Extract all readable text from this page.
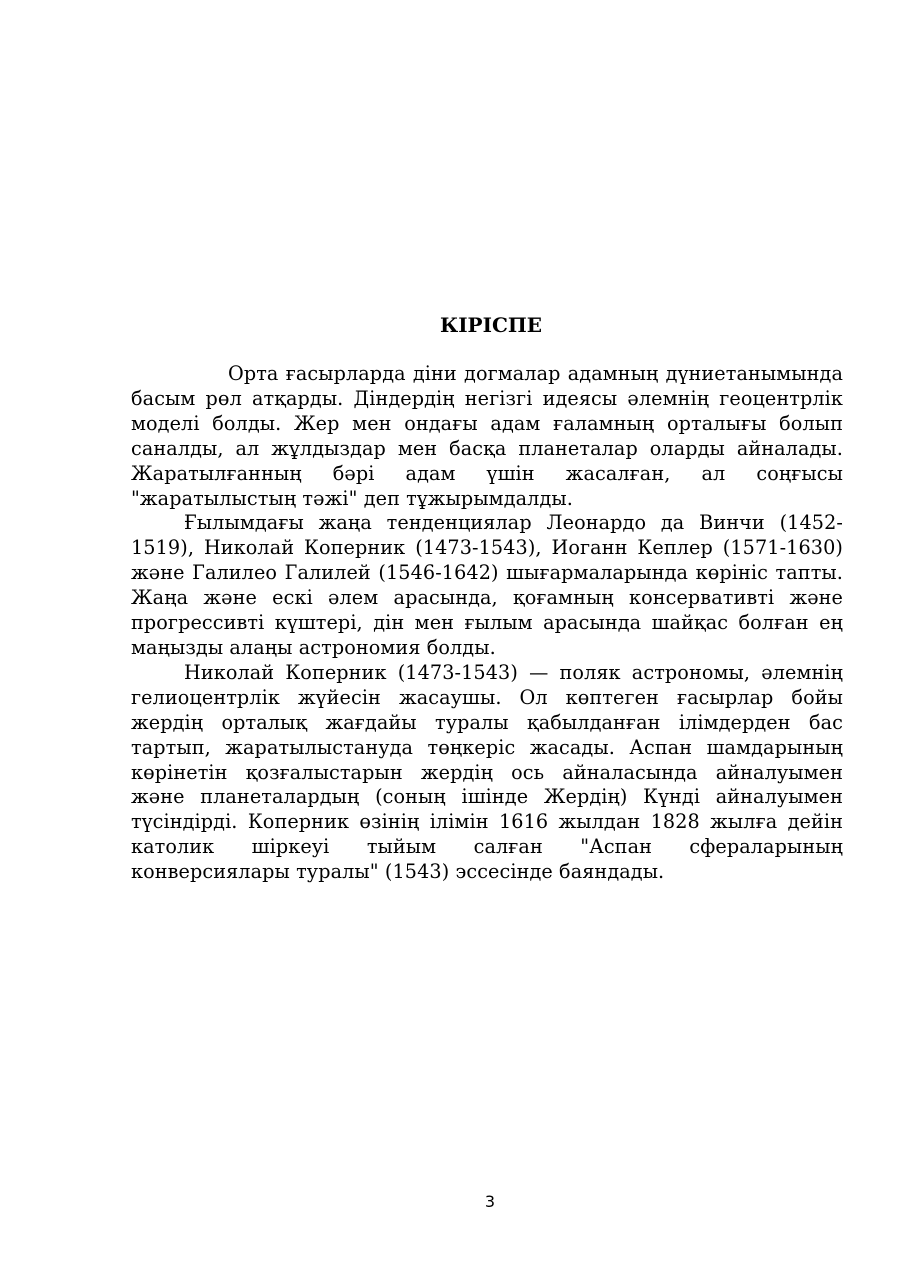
КІРІСПЕ

Орта ғасырларда діни догмалар адамның дүниетанымында басым рөл атқарды. Діндердің негізгі идеясы әлемнің геоцентрлік моделі болды. Жер мен ондағы адам ғаламның орталығы болып саналды, ал жұлдыздар мен басқа планеталар оларды айналады. Жаратылғанның бәрі адам үшін жасалған, ал соңғысы "жаратылыстың тәжі" деп тұжырымдалды.

Ғылымдағы жаңа тенденциялар Леонардо да Винчи (1452-1519), Николай Коперник (1473-1543), Иоганн Кеплер (1571-1630) және Галилео Галилей (1546-1642) шығармаларында көрініс тапты. Жаңа және ескі әлем арасында, қоғамның консервативті және прогрессивті күштері, дін мен ғылым арасында шайқас болған ең маңызды алаңы астрономия болды.

Николай Коперник (1473-1543) — поляк астрономы, әлемнің гелиоцентрлік жүйесін жасаушы. Ол көптеген ғасырлар бойы жердің орталық жағдайы туралы қабылданған ілімдерден бас тартып, жаратылыстануда төңкеріс жасады. Аспан шамдарының көрінетін қозғалыстарын жердің ось айналасында айналуымен және планеталардың (соның ішінде Жердің) Күнді айналуымен түсіндірді. Коперник өзінің ілімін 1616 жылдан 1828 жылға дейін католик шіркеуі тыйым салған "Аспан сфераларының конверсиялары туралы" (1543) эссесінде баяндады.

3
